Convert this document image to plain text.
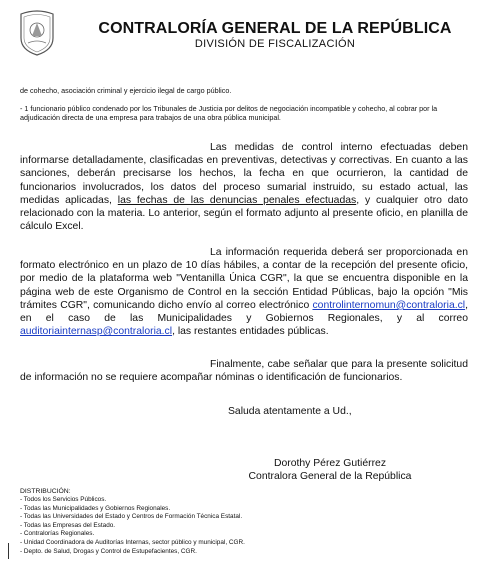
CONTRALORÍA GENERAL DE LA REPÚBLICA
DIVISIÓN DE FISCALIZACIÓN
de cohecho, asociación criminal y ejercicio ilegal de cargo público.
- 1 funcionario público condenado por los Tribunales de Justicia por delitos de negociación incompatible y cohecho, al cobrar por la adjudicación directa de una empresa para trabajos de una obra pública municipal.
Las medidas de control interno efectuadas deben informarse detalladamente, clasificadas en preventivas, detectivas y correctivas. En cuanto a las sanciones, deberán precisarse los hechos, la fecha en que ocurrieron, la cantidad de funcionarios involucrados, los datos del proceso sumarial instruido, su estado actual, las medidas aplicadas, las fechas de las denuncias penales efectuadas, y cualquier otro dato relacionado con la materia. Lo anterior, según el formato adjunto al presente oficio, en planilla de cálculo Excel.
La información requerida deberá ser proporcionada en formato electrónico en un plazo de 10 días hábiles, a contar de la recepción del presente oficio, por medio de la plataforma web "Ventanilla Única CGR", la que se encuentra disponible en la página web de este Organismo de Control en la sección Entidad Públicas, bajo la opción "Mis trámites CGR", comunicando dicho envío al correo electrónico controlinternomun@contraloria.cl, en el caso de las Municipalidades y Gobiernos Regionales, y al correo auditoriainternasp@contraloria.cl, las restantes entidades públicas.
Finalmente, cabe señalar que para la presente solicitud de información no se requiere acompañar nóminas o identificación de funcionarios.
Saluda atentamente a Ud.,
Dorothy Pérez Gutiérrez
Contralora General de la República
DISTRIBUCIÓN:
- Todos los Servicios Públicos.
- Todas las Municipalidades y Gobiernos Regionales.
- Todas las Universidades del Estado y Centros de Formación Técnica Estatal.
- Todas las Empresas del Estado.
- Contralorías Regionales.
- Unidad Coordinadora de Auditorías Internas, sector público y municipal, CGR.
- Depto. de Salud, Drogas y Control de Estupefacientes, CGR.
